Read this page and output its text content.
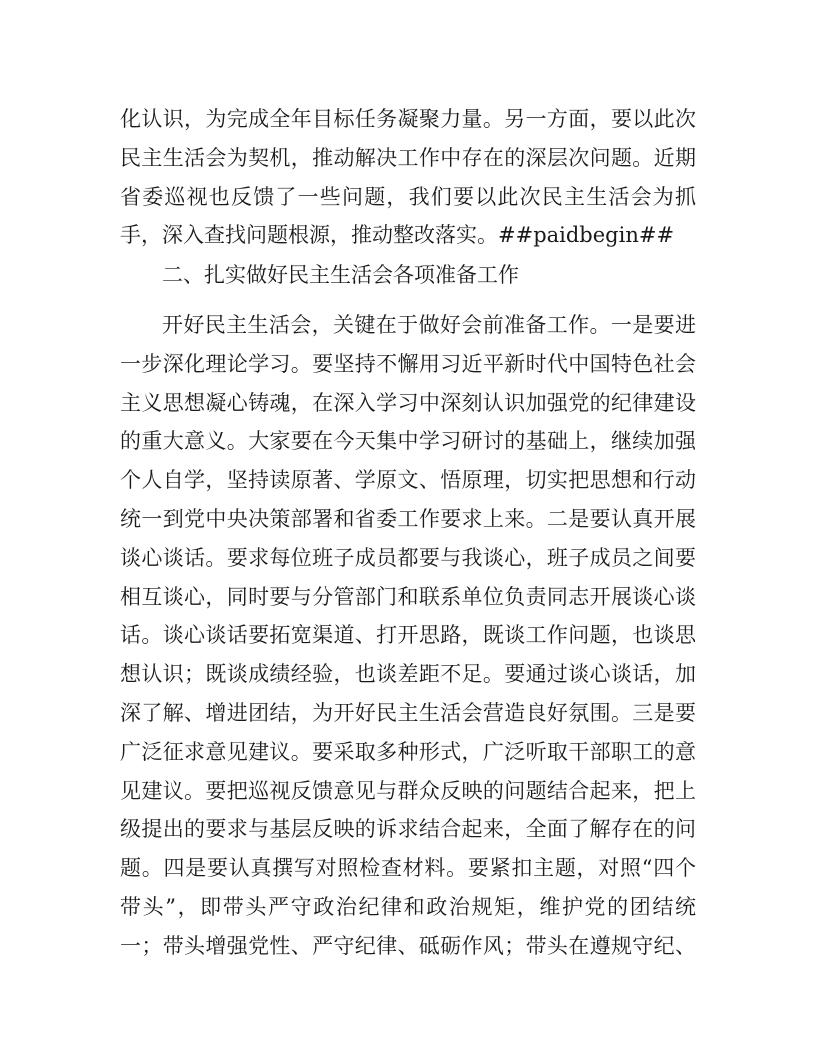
化认识，为完成全年目标任务凝聚力量。另一方面，要以此次
民主生活会为契机，推动解决工作中存在的深层次问题。近期
省委巡视也反馈了一些问题，我们要以此次民主生活会为抓
手，深入查找问题根源，推动整改落实。##paidbegin##
二、扎实做好民主生活会各项准备工作
开好民主生活会，关键在于做好会前准备工作。一是要进
一步深化理论学习。要坚持不懈用习近平新时代中国特色社会
主义思想凝心铸魂，在深入学习中深刻认识加强党的纪律建设
的重大意义。大家要在今天集中学习研讨的基础上，继续加强
个人自学，坚持读原著、学原文、悟原理，切实把思想和行动
统一到党中央决策部署和省委工作要求上来。二是要认真开展
谈心谈话。要求每位班子成员都要与我谈心，班子成员之间要
相互谈心，同时要与分管部门和联系单位负责同志开展谈心谈
话。谈心谈话要拓宽渠道、打开思路，既谈工作问题，也谈思
想认识；既谈成绩经验，也谈差距不足。要通过谈心谈话，加
深了解、增进团结，为开好民主生活会营造良好氛围。三是要
广泛征求意见建议。要采取多种形式，广泛听取干部职工的意
见建议。要把巡视反馈意见与群众反映的问题结合起来，把上
级提出的要求与基层反映的诉求结合起来，全面了解存在的问
题。四是要认真撰写对照检查材料。要紧扣主题，对照“四个
带头”，即带头严守政治纪律和政治规矩，维护党的团结统
一；带头增强党性、严守纪律、砥砺作风；带头在遵规守纪、
